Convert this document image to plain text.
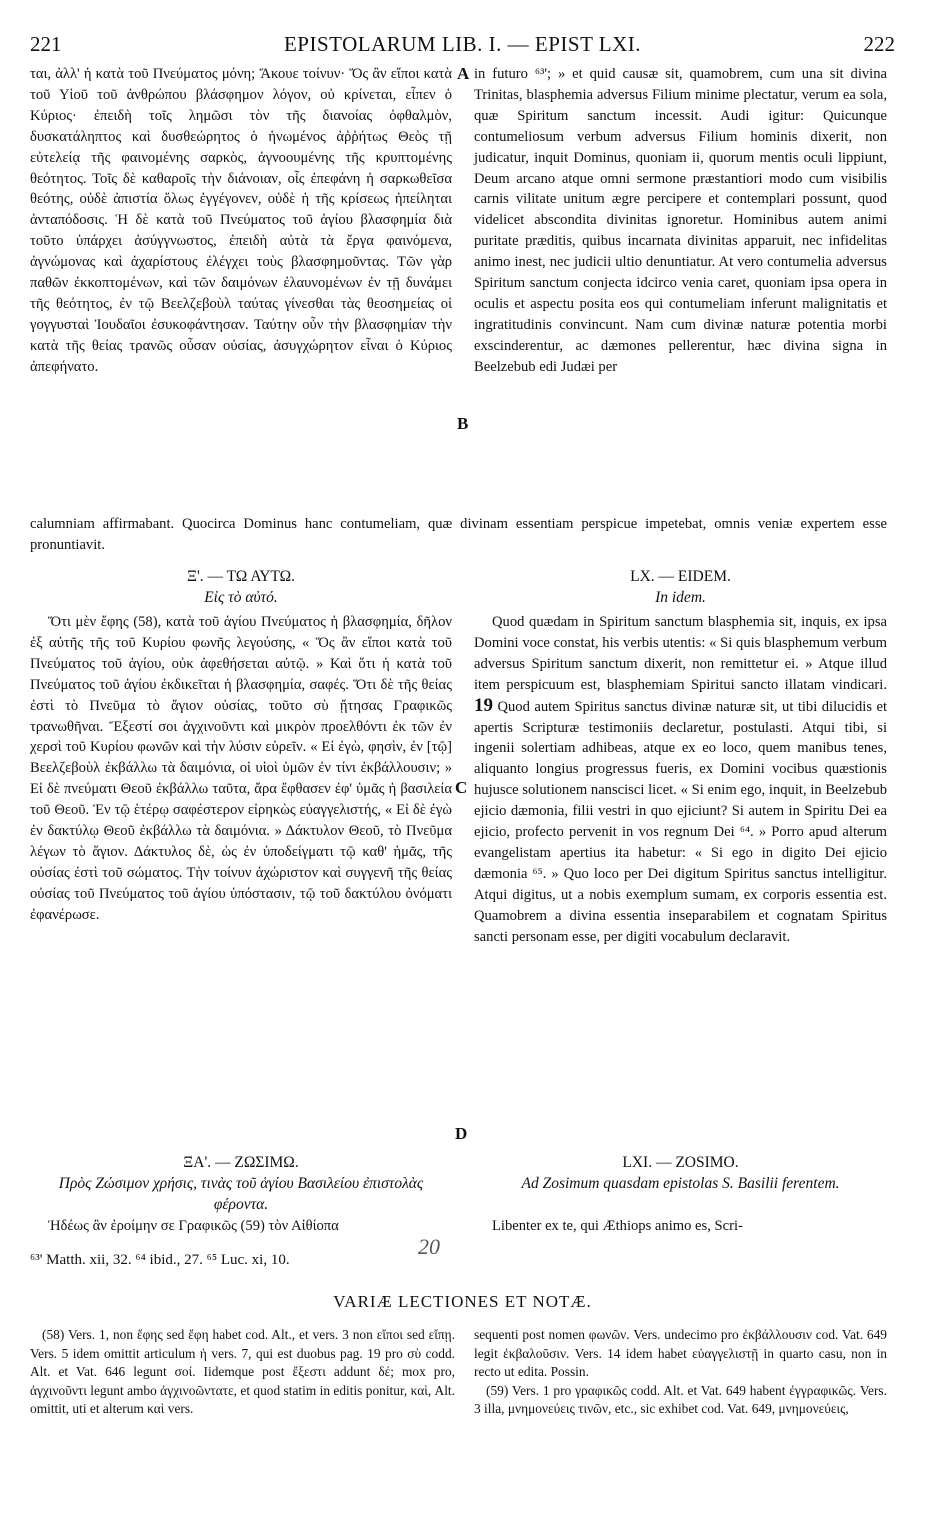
221	EPISTOLARUM LIB. I. — EPIST LXI.	222

ται, ἀλλ' ἡ κατὰ τοῦ Πνεύματος μόνη; Ἄκουε τοίνυν· Ὅς ἂν εἴποι κατὰ τοῦ Υἱοῦ τοῦ ἀνθρώπου βλάσφημον λόγον, οὐ κρίνεται, εἶπεν ὁ Κύριος· ἐπειδὴ τοῖς λημῶσι τὸν τῆς διανοίας ὀφθαλμὸν, δυσκατάληπτος καὶ δυσθεώρητος ὁ ἡνωμένος ἀῤῥήτως Θεὸς τῇ εὐτελείᾳ τῆς φαινομένης σαρκὸς, ἀγνοουμένης τῆς κρυπτομένης θεότητος. Τοῖς δὲ καθαροῖς τὴν διάνοιαν, οἷς ἐπεφάνη ἡ σαρκωθεῖσα θεότης, οὐδὲ ἀπιστία ὅλως ἐγγέγονεν, οὐδὲ ἡ τῆς κρίσεως ἠπείληται ἀνταπόδοσις. Ἡ δὲ κατὰ τοῦ Πνεύματος τοῦ ἁγίου βλασφημία διὰ τοῦτο ὑπάρχει ἀσύγγνωστος, ἐπειδὴ αὐτὰ τὰ ἔργα φαινόμενα, ἀγνώμονας καὶ ἀχαρίστους ἐλέγχει τοὺς βλασφημοῦντας. Τῶν γὰρ παθῶν ἐκκοπτομένων, καὶ τῶν δαιμόνων ἐλαυνομένων ἐν τῇ δυνάμει τῆς θεότητος, ἐν τῷ Βεελζεβοὺλ ταύτας γίνεσθαι τὰς θεοσημείας οἱ γογγυσταὶ Ἰουδαῖοι ἐσυκοφάντησαν. Ταύτην οὖν τὴν βλασφημίαν τὴν κατὰ τῆς θείας τρανῶς οὖσαν οὐσίας, ἀσυγχώρητον εἶναι ὁ Κύριος ἀπεφήνατο.

in futuro ⁶³'; » et quid causæ sit, quamobrem, cum una sit divina Trinitas, blasphemia adversus Filium minime plectatur, verum ea sola, quæ Spiritum sanctum incessit. Audi igitur: Quicunque contumeliosum verbum adversus Filium hominis dixerit, non judicatur, inquit Dominus, quoniam ii, quorum mentis oculi lippiunt, Deum arcano atque omni sermone præstantiori modo cum visibilis carnis vilitate unitum ægre percipere et contemplari possunt, quod videlicet abscondita divinitas ignoretur. Hominibus autem animi puritate præditis, quibus incarnata divinitas apparuit, nec infidelitas animo inest, nec judicii ultio denuntiatur. At vero contumelia adversus Spiritum sanctum conjecta idcirco venia caret, quoniam ipsa opera in oculis et aspectu posita eos qui contumeliam inferunt malignitatis et ingratitudinis convincunt. Nam cum divinæ naturæ potentia morbi exscinderentur, ac dæmones pellerentur, hæc divina signa in Beelzebub edi Judæi per

A
B
calumniam affirmabant. Quocirca Dominus hanc contumeliam, quæ divinam essentiam perspicue impetebat, omnis veniæ expertem esse pronuntiavit.
Ξ'. — ΤΩ ΑΥΤΩ.
Εἰς τὸ αὐτό.
LX. — EIDEM.
In idem.

Ὅτι μὲν ἔφης (58), κατὰ τοῦ ἁγίου Πνεύματος ἡ βλασφημία, δῆλον ἐξ αὐτῆς τῆς τοῦ Κυρίου φωνῆς λεγούσης, « Ὅς ἂν εἴποι κατὰ τοῦ Πνεύματος τοῦ ἁγίου, οὐκ ἀφεθήσεται αὐτῷ. » Καὶ ὅτι ἡ κατὰ τοῦ Πνεύματος τοῦ ἁγίου ἐκδικεῖται ἡ βλασφημία, σαφές. Ὅτι δὲ τῆς θείας ἐστὶ τὸ Πνεῦμα τὸ ἅγιον οὐσίας, τοῦτο σὺ ᾔτησας Γραφικῶς τρανωθῆναι. Ἔξεστί σοι ἀγχινοῦντι καὶ μικρὸν προελθόντι ἐκ τῶν ἐν χερσὶ τοῦ Κυρίου φωνῶν καὶ τὴν λύσιν εὑρεῖν. « Εἰ ἐγὼ, φησὶν, ἐν [τῷ] Βεελζεβοὺλ ἐκβάλλω τὰ δαιμόνια, οἱ υἱοὶ ὑμῶν ἐν τίνι ἐκβάλλουσιν; » Εἰ δὲ πνεύματι Θεοῦ ἐκβάλλω ταῦτα, ἄρα ἔφθασεν ἐφ' ὑμᾶς ἡ βασιλεία τοῦ Θεοῦ. Ἐν τῷ ἑτέρῳ σαφέστερον εἰρηκὼς εὐαγγελιστής, « Εἰ δὲ ἐγὼ ἐν δακτύλῳ Θεοῦ ἐκβάλλω τὰ δαιμόνια. » Δάκτυλον Θεοῦ, τὸ Πνεῦμα λέγων τὸ ἅγιον. Δάκτυλος δὲ, ὡς ἐν ὑποδείγματι τῷ καθ' ἡμᾶς, τῆς οὐσίας ἐστὶ τοῦ σώματος. Τὴν τοίνυν ἀχώριστον καὶ συγγενῆ τῆς θείας οὐσίας τοῦ Πνεύματος τοῦ ἁγίου ὑπόστασιν, τῷ τοῦ δακτύλου ὀνόματι ἐφανέρωσε.

Quod quædam in Spiritum sanctum blasphemia sit, inquis, ex ipsa Domini voce constat, his verbis utentis: « Si quis blasphemum verbum adversus Spiritum sanctum dixerit, non remittetur ei. » Atque illud item perspicuum est, blasphemiam Spiritui sancto illatam vindicari. 19 Quod autem Spiritus sanctus divinæ naturæ sit, ut tibi dilucidis et apertis Scripturæ testimoniis declaretur, postulasti. Atqui tibi, si ingenii solertiam adhibeas, atque ex eo loco, quem manibus tenes, aliquanto longius progressus fueris, ex Domini vocibus quæstionis hujusce solutionem nanscisci licet. « Si enim ego, inquit, in Beelzebub ejicio dæmonia, filii vestri in quo ejiciunt? Si autem in Spiritu Dei ea ejicio, profecto pervenit in vos regnum Dei ⁶⁴. » Porro apud alterum evangelistam apertius ita habetur: « Si ego in digito Dei ejicio dæmonia ⁶⁵. » Quo loco per Dei digitum Spiritus sanctus intelligitur. Atqui digitus, ut a nobis exemplum sumam, ex corporis essentia est. Quamobrem a divina essentia inseparabilem et cognatam Spiritus sancti personam esse, per digiti vocabulum declaravit.

C
D
ΞΑ'. — ΖΩΣΙΜΩ.
Πρὸς Ζώσιμον χρήσις, τινὰς τοῦ ἁγίου Βασιλείου ἐπιστολὰς φέροντα.
LXI. — ZOSIMO.
Ad Zosimum quasdam epistolas S. Basilii ferentem.

Ἡδέως ἂν ἐροίμην σε Γραφικῶς (59) τὸν Αἰθίοπα	Libenter ex te, qui Æthiops animo es, Scri-

⁶³' Matth. xii, 32. ⁶⁴ ibid., 27. ⁶⁵ Luc. xi, 10.
20
VARIÆ LECTIONES ET NOTÆ.

(58) Vers. 1, non ἔφης sed ἔφη habet cod. Alt., et vers. 3 non εἴποι sed εἴπῃ. Vers. 5 idem omittit articulum ἡ vers. 7, qui est duobus pag. 19 pro σὺ codd. Alt. et Vat. 646 legunt σοί. Iidemque post ἔξεστι addunt δέ; mox pro, ἀγχινοῦντι legunt ambo ἀγχινοῶντατε, et quod statim in editis ponitur, καὶ, Alt. omittit, uti et alterum καὶ vers.

sequenti post nomen φωνῶν. Vers. undecimo pro ἐκβάλλουσιν cod. Vat. 649 legit ἐκβαλοῦσιν. Vers. 14 idem habet εὐαγγελιστῇ in quarto casu, non in recto ut edita. Possin.

(59) Vers. 1 pro γραφικῶς codd. Alt. et Vat. 649 habent ἐγγραφικῶς. Vers. 3 illa, μνημονεύεις τινῶν, etc., sic exhibet cod. Vat. 649, μνημονεύεις,
